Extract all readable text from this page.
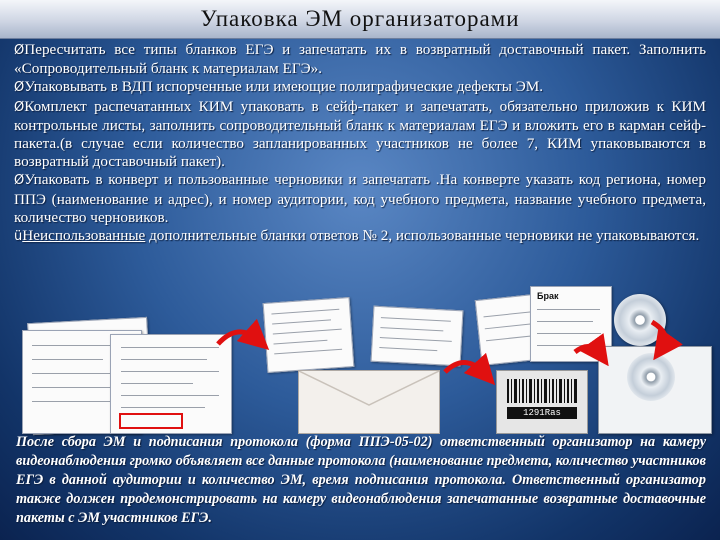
Упаковка ЭМ организаторами

ØПересчитать все типы бланков ЕГЭ и запечатать их в возвратный доставочный пакет. Заполнить «Сопроводительный бланк к материалам ЕГЭ».

ØУпаковывать в ВДП испорченные или имеющие полиграфические дефекты ЭМ.

ØКомплект распечатанных КИМ упаковать в сейф-пакет и запечатать, обязательно приложив к КИМ контрольные листы, заполнить сопроводительный бланк к материалам ЕГЭ и вложить его в карман сейф-пакета.(в случае если количество запланированных участников не более 7, КИМ упаковываются в возвратный доставочный пакет).

ØУпаковать в конверт и пользованные черновики и запечатать .На конверте указать код региона, номер ППЭ (наименование и адрес), и номер аудитории, код учебного предмета, название учебного предмета, количество черновиков.

üНеиспользованные дополнительные бланки ответов № 2, использованные черновики не упаковываются.

Брак
1291Ras
После сбора ЭМ и подписания протокола (форма ППЭ-05-02) ответственный организатор на камеру видеонаблюдения громко объявляет все данные протокола (наименование предмета, количество участников ЕГЭ в данной аудитории и количество ЭМ, время подписания протокола. Ответственный организатор также должен продемонстрировать на камеру видеонаблюдения запечатанные возвратные доставочные пакеты с ЭМ участников ЕГЭ.
